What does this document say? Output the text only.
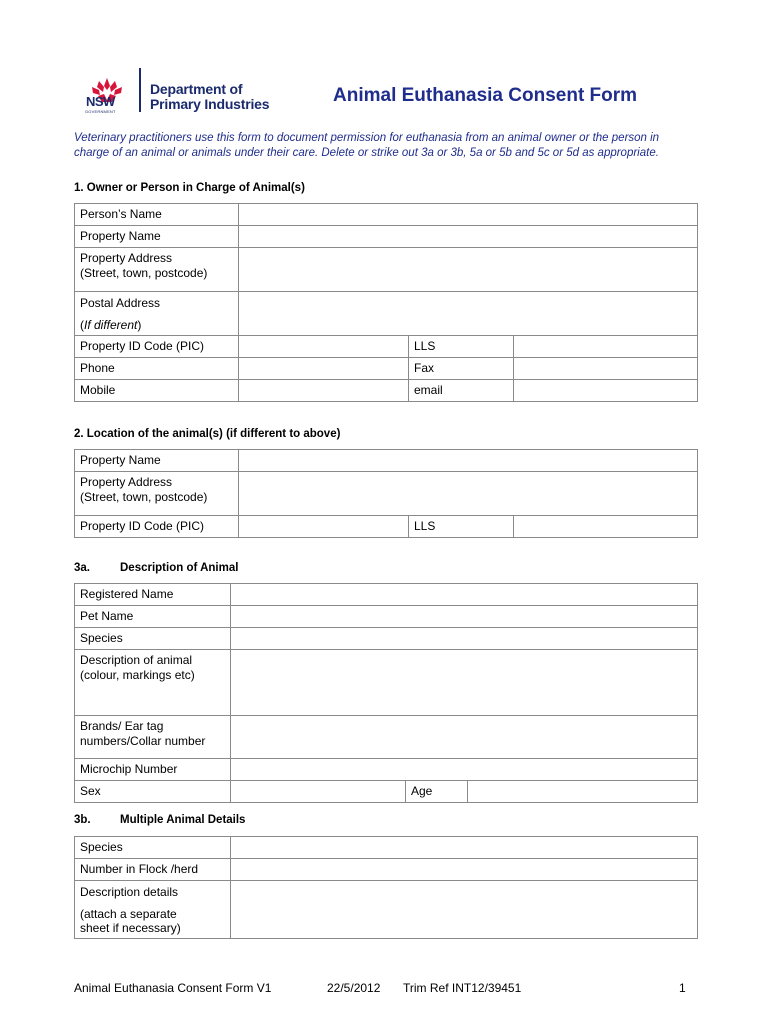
NSW
GOVERNMENT
Department of
Primary Industries	Animal Euthanasia Consent Form
Veterinary practitioners use this form to document permission for euthanasia from an animal owner or the person in charge of an animal or animals under their care. Delete or strike out 3a or 3b, 5a or 5b and 5c or 5d as appropriate.
1. Owner or Person in Charge of Animal(s)
Person’s Name			
Property Name			

Property Address
(Street, town, postcode)			

Postal Address
(If different)			

Property ID Code (PIC)		LLS	
Phone		Fax	
Mobile		email	
2. Location of the animal(s) (if different to above)
Property Name			

Property Address
(Street, town, postcode)			

Property ID Code (PIC)		LLS	
3a.	Description of Animal
Registered Name			
Pet Name			
Species			

Description of animal
(colour, markings etc)			

Brands/ Ear tag
numbers/Collar number			

Microchip Number			
Sex		Age	
3b.	Multiple Animal Details
Species	
Number in Flock /herd	

Description details
(attach a separate
sheet if necessary)	

Animal Euthanasia Consent Form V1	22/5/2012 Trim Ref INT12/39451	1
